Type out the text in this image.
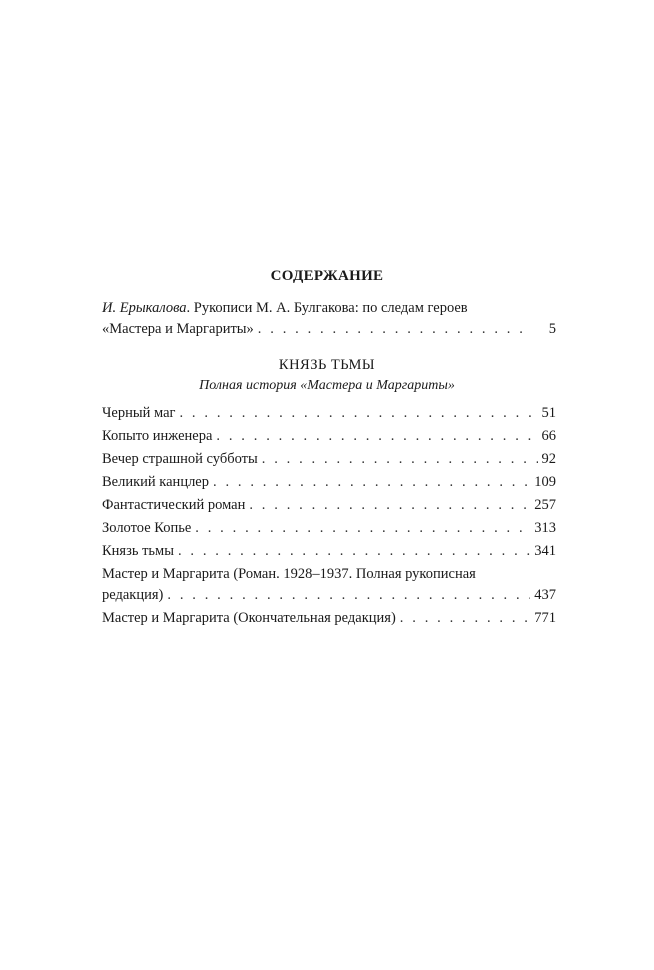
СОДЕРЖАНИЕ
И. Ерыкалова. Рукописи М. А. Булгакова: по следам героев
«Мастера и Маргариты» . . .	5
КНЯЗЬ ТЬМЫ
Полная история «Мастера и Маргариты»
Черный маг . . .	51
Копыто инженера . . .	66
Вечер страшной субботы . . .	92
Великий канцлер . . .	109
Фантастический роман . . .	257
Золотое Копье . . .	313
Князь тьмы . . .	341
Мастер и Маргарита (Роман. 1928–1937. Полная рукописная
редакция) . . .	437
Мастер и Маргарита (Окончательная редакция) . . .	771
